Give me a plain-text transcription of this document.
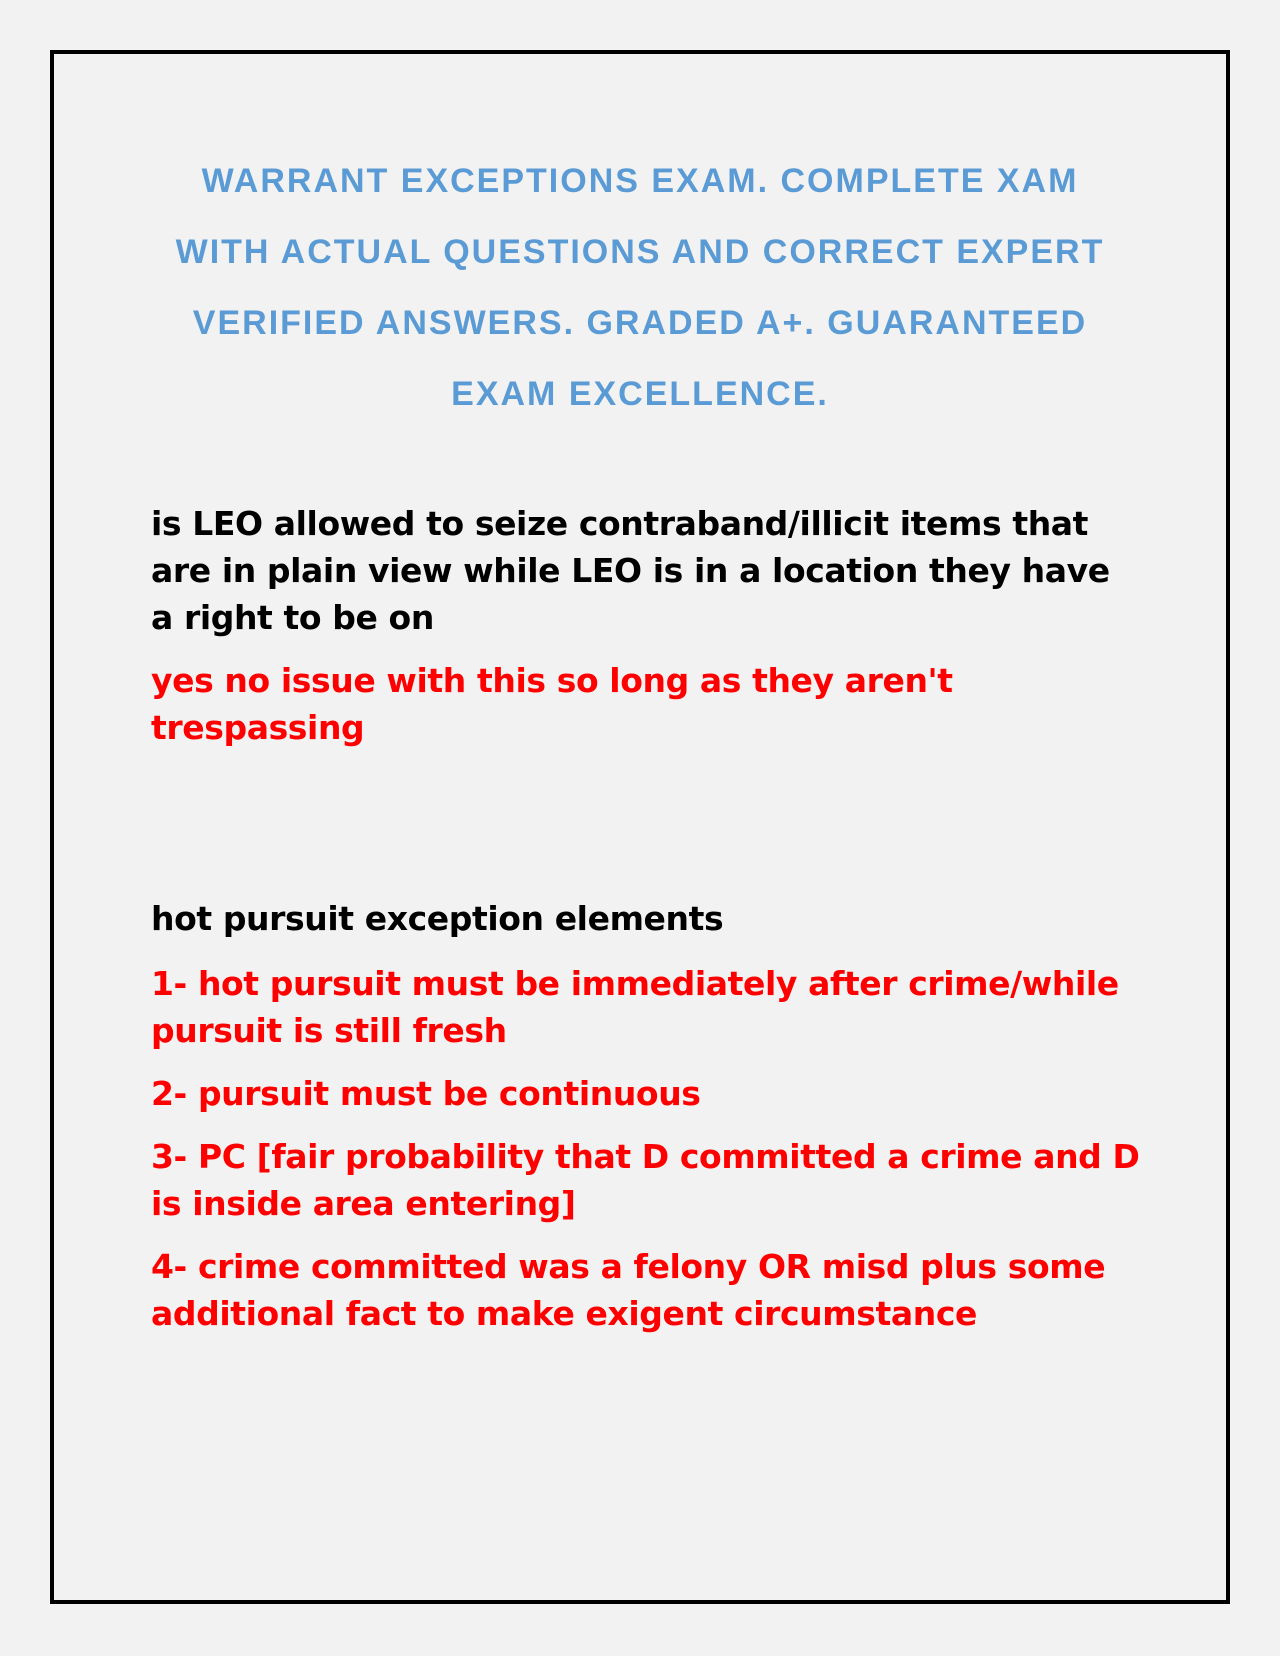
WARRANT EXCEPTIONS EXAM. COMPLETE XAM
WITH ACTUAL QUESTIONS AND CORRECT EXPERT
VERIFIED ANSWERS. GRADED A+. GUARANTEED
EXAM EXCELLENCE.
is LEO allowed to seize contraband/illicit items that are in plain view while LEO is in a location they have a right to be on
yes no issue with this so long as they aren't trespassing
hot pursuit exception elements
1- hot pursuit must be immediately after crime/while pursuit is still fresh
2- pursuit must be continuous
3- PC [fair probability that D committed a crime and D is inside area entering]
4- crime committed was a felony OR misd plus some additional fact to make exigent circumstance
